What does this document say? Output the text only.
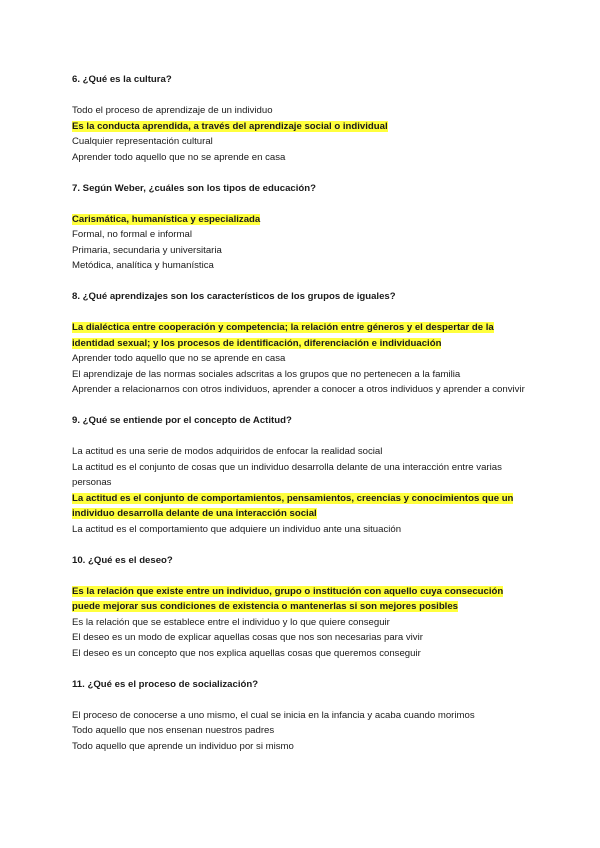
6. ¿Qué es la cultura?

Todo el proceso de aprendizaje de un individuo

Es la conducta aprendida, a través del aprendizaje social o individual

Cualquier representación cultural

Aprender todo aquello que no se aprende en casa

7. Según Weber, ¿cuáles son los tipos de educación?

Carismática, humanística y especializada

Formal, no formal e informal

Primaria, secundaria y universitaria

Metódica, analítica y humanística

8. ¿Qué aprendizajes son los característicos de los grupos de iguales?

La dialéctica entre cooperación y competencia; la relación entre géneros y el despertar de la identidad sexual; y los procesos de identificación, diferenciación e individuación

Aprender todo aquello que no se aprende en casa

El aprendizaje de las normas sociales adscritas a los grupos que no pertenecen a la familia

Aprender a relacionarnos con otros individuos, aprender a conocer a otros individuos y aprender a convivir

9. ¿Qué se entiende por el concepto de Actitud?

La actitud es una serie de modos adquiridos de enfocar la realidad social

La actitud es el conjunto de cosas que un individuo desarrolla delante de una interacción entre varias personas

La actitud es el conjunto de comportamientos, pensamientos, creencias y conocimientos que un individuo desarrolla delante de una interacción social

La actitud es el comportamiento que adquiere un individuo ante una situación

10. ¿Qué es el deseo?

Es la relación que existe entre un individuo, grupo o institución con aquello cuya consecución puede mejorar sus condiciones de existencia o mantenerlas si son mejores posibles

Es la relación que se establece entre el individuo y lo que quiere conseguir

El deseo es un modo de explicar aquellas cosas que nos son necesarias para vivir

El deseo es un concepto que nos explica aquellas cosas que queremos conseguir

11. ¿Qué es el proceso de socialización?

El proceso de conocerse a uno mismo, el cual se inicia en la infancia y acaba cuando morimos

Todo aquello que nos ensenan nuestros padres

Todo aquello que aprende un individuo por si mismo
